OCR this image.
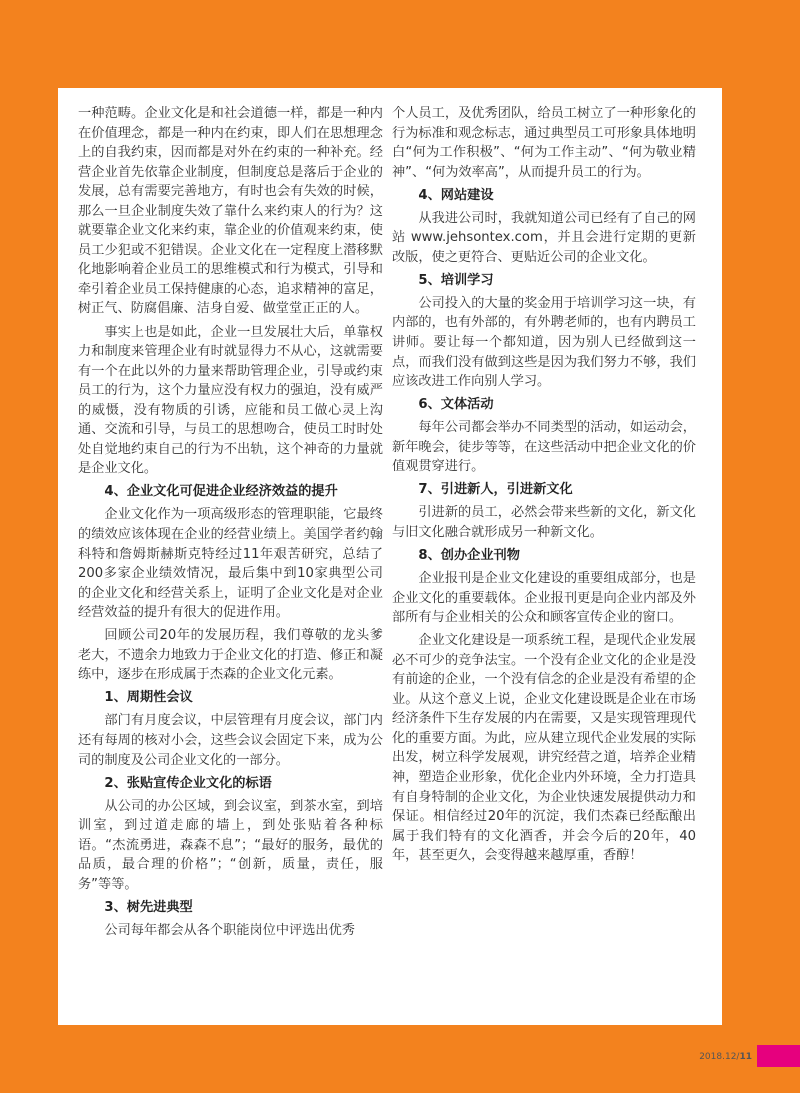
一种范畴。企业文化是和社会道德一样，都是一种内在价值理念，都是一种内在约束，即人们在思想理念上的自我约束，因而都是对外在约束的一种补充。经营企业首先依靠企业制度，但制度总是落后于企业的发展，总有需要完善地方，有时也会有失效的时候，那么一旦企业制度失效了靠什么来约束人的行为？这就要靠企业文化来约束，靠企业的价值观来约束，使员工少犯或不犯错误。企业文化在一定程度上潜移默化地影响着企业员工的思维模式和行为模式，引导和牵引着企业员工保持健康的心态，追求精神的富足，树正气、防腐倡廉、洁身自爱、做堂堂正正的人。

事实上也是如此，企业一旦发展壮大后，单靠权力和制度来管理企业有时就显得力不从心，这就需要有一个在此以外的力量来帮助管理企业，引导或约束员工的行为，这个力量应没有权力的强迫，没有威严的威慑，没有物质的引诱，应能和员工做心灵上沟通、交流和引导，与员工的思想吻合，使员工时时处处自觉地约束自己的行为不出轨，这个神奇的力量就是企业文化。

4、企业文化可促进企业经济效益的提升

企业文化作为一项高级形态的管理职能，它最终的绩效应该体现在企业的经营业绩上。美国学者约翰科特和詹姆斯赫斯克特经过11年艰苦研究，总结了200多家企业绩效情况，最后集中到10家典型公司的企业文化和经营关系上，证明了企业文化是对企业经营效益的提升有很大的促进作用。

回顾公司20年的发展历程，我们尊敬的龙头爹老大，不遗余力地致力于企业文化的打造、修正和凝练中，逐步在形成属于杰森的企业文化元素。

1、周期性会议

部门有月度会议，中层管理有月度会议，部门内还有每周的核对小会，这些会议会固定下来，成为公司的制度及公司企业文化的一部分。

2、张贴宣传企业文化的标语

从公司的办公区域，到会议室，到茶水室，到培训室，到过道走廊的墙上，到处张贴着各种标语。“杰流勇进，森森不息”；“最好的服务，最优的品质，最合理的价格”；“创新，质量，责任，服务”等等。

3、树先进典型

公司每年都会从各个职能岗位中评选出优秀

个人员工，及优秀团队，给员工树立了一种形象化的行为标准和观念标志，通过典型员工可形象具体地明白“何为工作积极”、“何为工作主动”、“何为敬业精神”、“何为效率高”，从而提升员工的行为。

4、网站建设

从我进公司时，我就知道公司已经有了自己的网站 www.jehsontex.com，并且会进行定期的更新改版，使之更符合、更贴近公司的企业文化。

5、培训学习

公司投入的大量的奖金用于培训学习这一块，有内部的，也有外部的，有外聘老师的，也有内聘员工讲师。要让每一个都知道，因为别人已经做到这一点，而我们没有做到这些是因为我们努力不够，我们应该改进工作向别人学习。

6、文体活动

每年公司都会举办不同类型的活动，如运动会，新年晚会，徒步等等，在这些活动中把企业文化的价值观贯穿进行。

7、引进新人，引进新文化

引进新的员工，必然会带来些新的文化，新文化与旧文化融合就形成另一种新文化。

8、创办企业刊物

企业报刊是企业文化建设的重要组成部分，也是企业文化的重要载体。企业报刊更是向企业内部及外部所有与企业相关的公众和顾客宣传企业的窗口。

企业文化建设是一项系统工程，是现代企业发展必不可少的竞争法宝。一个没有企业文化的企业是没有前途的企业，一个没有信念的企业是没有希望的企业。从这个意义上说，企业文化建设既是企业在市场经济条件下生存发展的内在需要，又是实现管理现代化的重要方面。为此，应从建立现代企业发展的实际出发，树立科学发展观，讲究经营之道，培养企业精神，塑造企业形象，优化企业内外环境，全力打造具有自身特制的企业文化，为企业快速发展提供动力和保证。相信经过20年的沉淀，我们杰森已经酝酿出属于我们特有的文化酒香，并会今后的20年，40年，甚至更久，会变得越来越厚重，香醇！

2018.12/11
